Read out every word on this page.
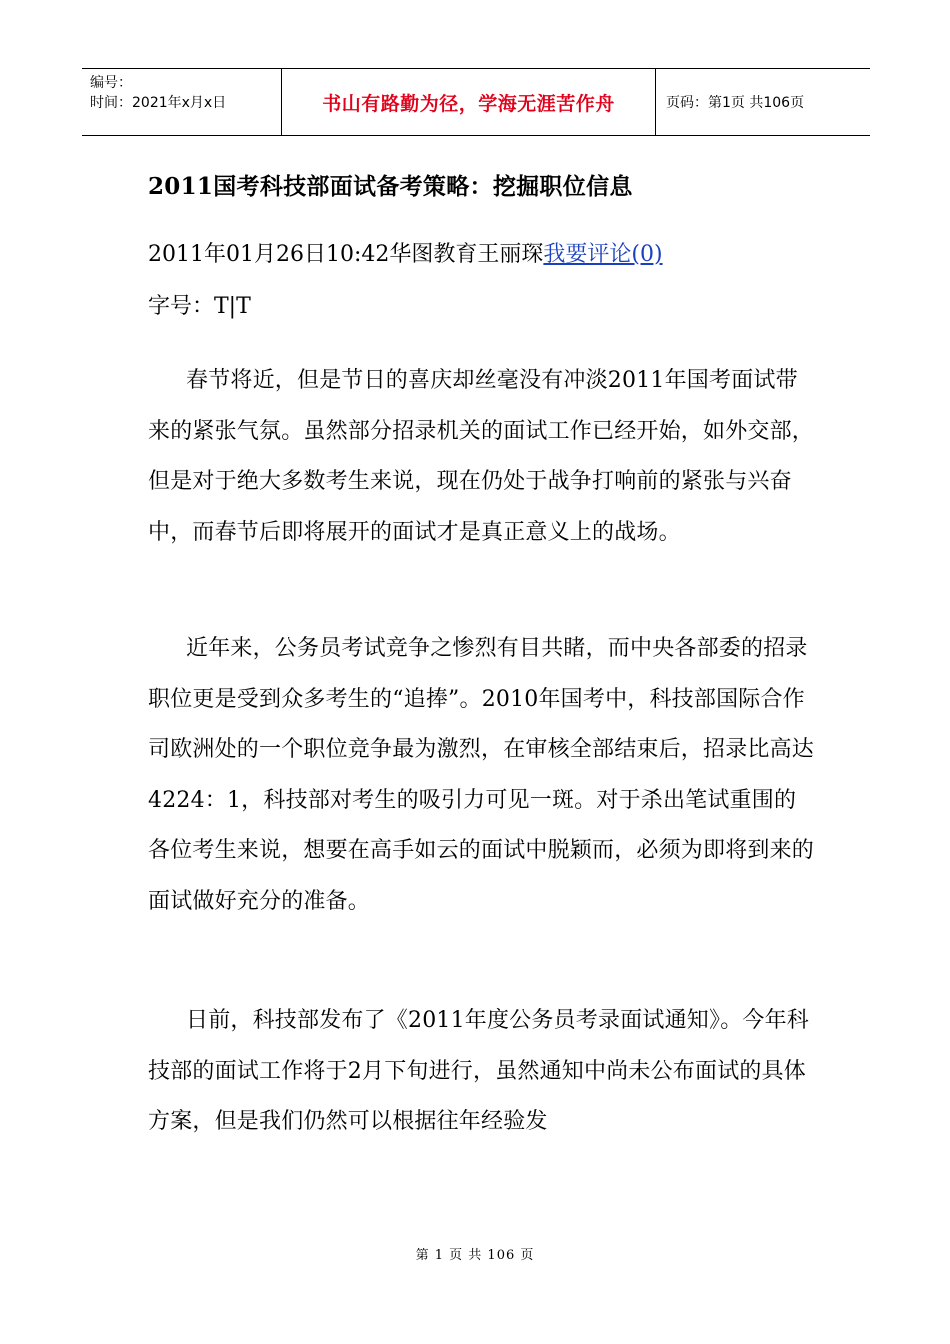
编号：
时间：2021年x月x日	书山有路勤为径，学海无涯苦作舟	页码：第1页 共106页
2011国考科技部面试备考策略：挖掘职位信息

2011年01月26日10:42华图教育王丽琛我要评论(0)

字号：T|T

春节将近，但是节日的喜庆却丝毫没有冲淡2011年国考面试带来的紧张气氛。虽然部分招录机关的面试工作已经开始，如外交部，但是对于绝大多数考生来说，现在仍处于战争打响前的紧张与兴奋中，而春节后即将展开的面试才是真正意义上的战场。

近年来，公务员考试竞争之惨烈有目共睹，而中央各部委的招录职位更是受到众多考生的“追捧”。2010年国考中，科技部国际合作司欧洲处的一个职位竞争最为激烈，在审核全部结束后，招录比高达4224：1，科技部对考生的吸引力可见一斑。对于杀出笔试重围的各位考生来说，想要在高手如云的面试中脱颖而，必须为即将到来的面试做好充分的准备。

日前，科技部发布了《2011年度公务员考录面试通知》。今年科技部的面试工作将于2月下旬进行，虽然通知中尚未公布面试的具体方案，但是我们仍然可以根据往年经验发

第 1 页 共 106 页
